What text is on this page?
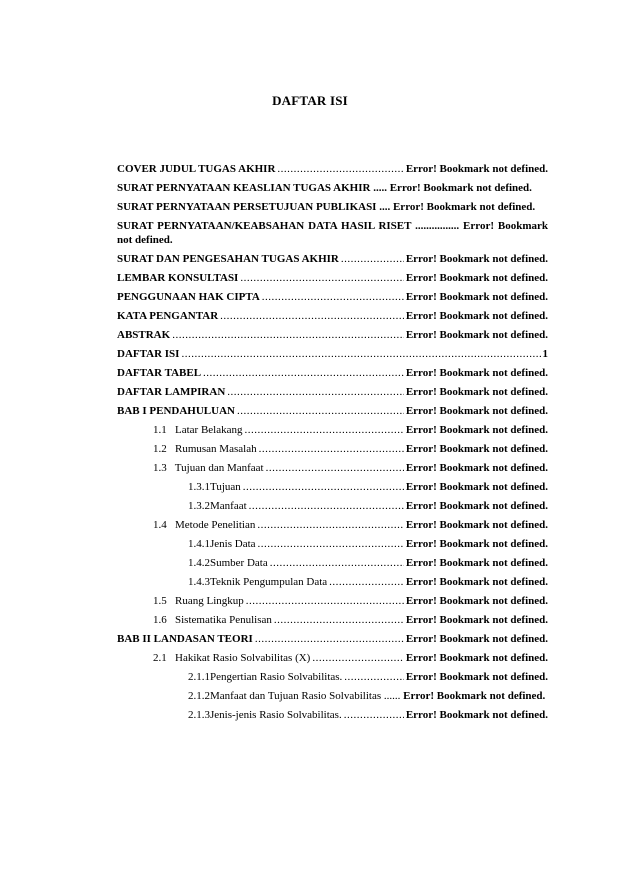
DAFTAR ISI
COVER JUDUL TUGAS AKHIR .....	Error! Bookmark not defined.
SURAT PERNYATAAN KEASLIAN TUGAS AKHIR ..... Error! Bookmark not defined.
SURAT PERNYATAAN PERSETUJUAN PUBLIKASI .... Error! Bookmark not defined.
SURAT PERNYATAAN/KEABSAHAN DATA HASIL RISET ................ Error! Bookmark not defined.
SURAT DAN PENGESAHAN TUGAS AKHIR .....	Error! Bookmark not defined.
LEMBAR KONSULTASI .....	Error! Bookmark not defined.
PENGGUNAAN HAK CIPTA .....	Error! Bookmark not defined.
KATA PENGANTAR .....	Error! Bookmark not defined.
ABSTRAK .....	Error! Bookmark not defined.
DAFTAR ISI .....	1
DAFTAR TABEL .....	Error! Bookmark not defined.
DAFTAR LAMPIRAN .....	Error! Bookmark not defined.
BAB I PENDAHULUAN .....	Error! Bookmark not defined.
1.1   Latar Belakang .....	Error! Bookmark not defined.
1.2   Rumusan Masalah .....	Error! Bookmark not defined.
1.3   Tujuan dan Manfaat .....	Error! Bookmark not defined.
1.3.1Tujuan .....	Error! Bookmark not defined.
1.3.2Manfaat .....	Error! Bookmark not defined.
1.4   Metode Penelitian .....	Error! Bookmark not defined.
1.4.1Jenis Data .....	Error! Bookmark not defined.
1.4.2Sumber Data .....	Error! Bookmark not defined.
1.4.3Teknik Pengumpulan Data .....	Error! Bookmark not defined.
1.5   Ruang Lingkup .....	Error! Bookmark not defined.
1.6   Sistematika Penulisan .....	Error! Bookmark not defined.
BAB II LANDASAN TEORI .....	Error! Bookmark not defined.
2.1   Hakikat Rasio Solvabilitas (X) .....	Error! Bookmark not defined.
2.1.1Pengertian Rasio Solvabilitas. .....	Error! Bookmark not defined.
2.1.2Manfaat dan Tujuan Rasio Solvabilitas ...... Error! Bookmark not defined.
2.1.3Jenis-jenis Rasio Solvabilitas. .....	Error! Bookmark not defined.
